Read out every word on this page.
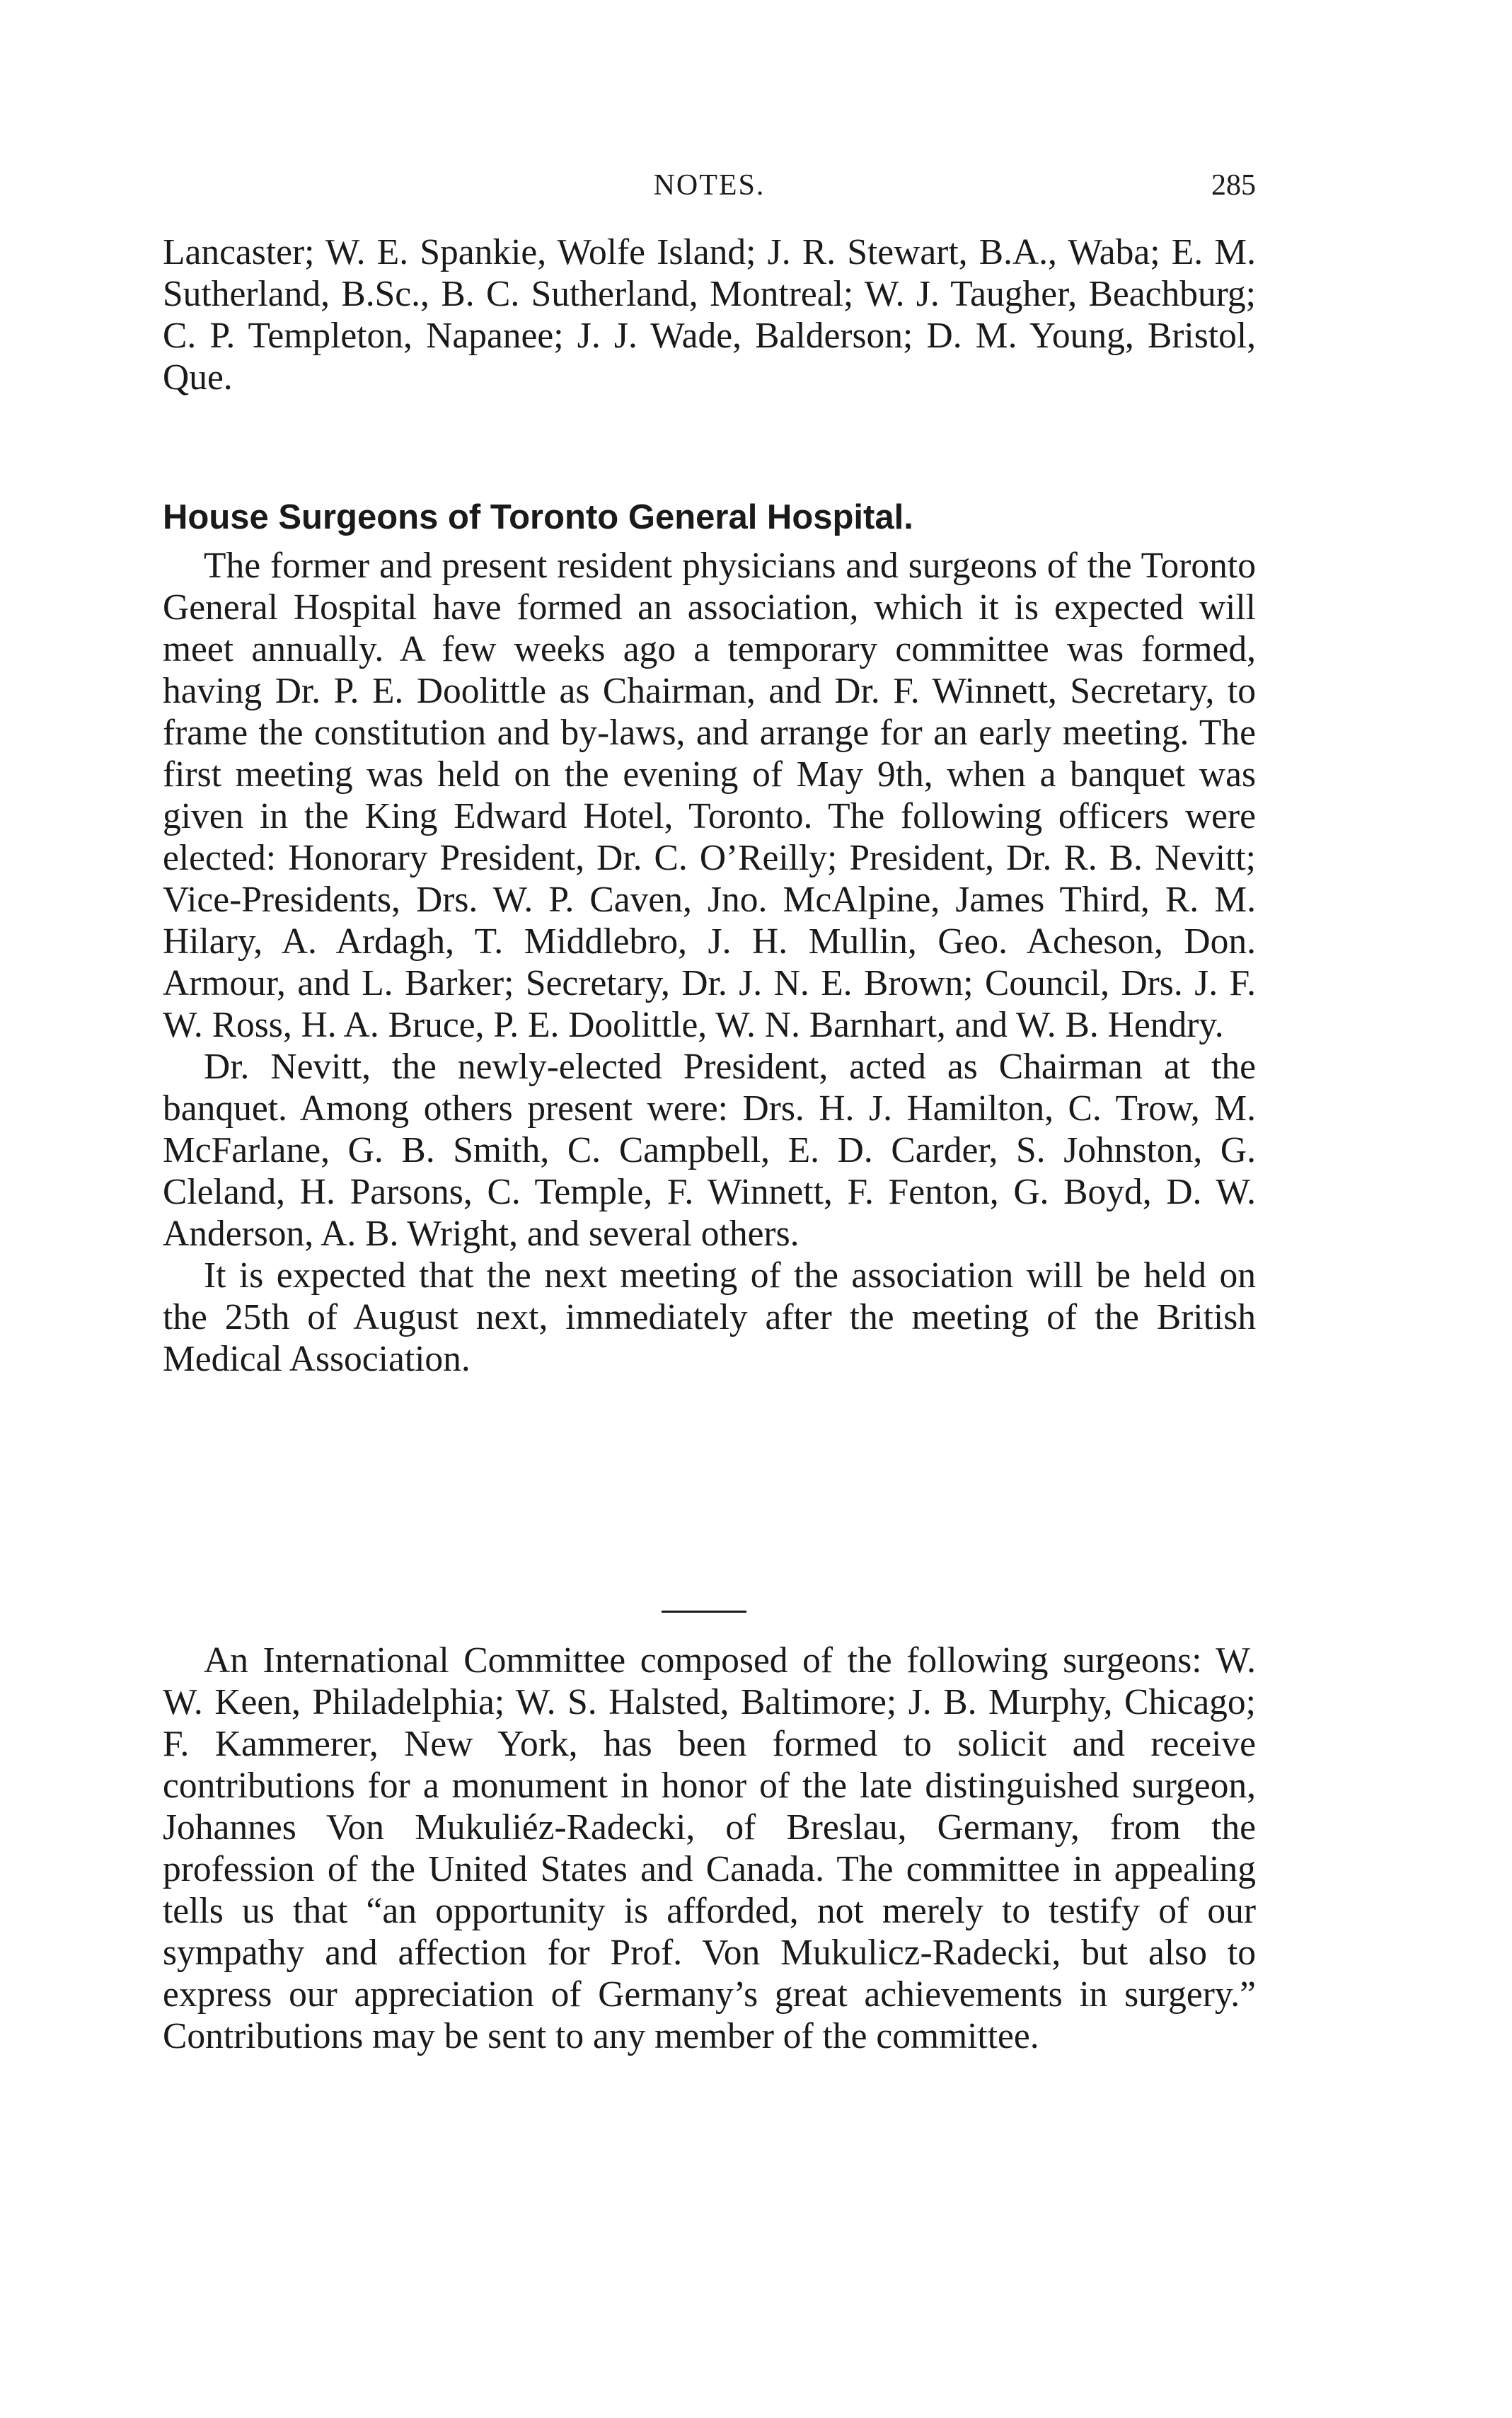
NOTES.	285

Lancaster; W. E. Spankie, Wolfe Island; J. R. Stewart, B.A., Waba; E. M. Sutherland, B.Sc., B. C. Sutherland, Montreal; W. J. Taugher, Beachburg; C. P. Templeton, Napanee; J. J. Wade, Balderson; D. M. Young, Bristol, Que.

House Surgeons of Toronto General Hospital.

The former and present resident physicians and surgeons of the Toronto General Hospital have formed an association, which it is expected will meet annually. A few weeks ago a temporary committee was formed, having Dr. P. E. Doolittle as Chairman, and Dr. F. Winnett, Secretary, to frame the constitution and by-laws, and arrange for an early meeting. The first meeting was held on the evening of May 9th, when a banquet was given in the King Edward Hotel, Toronto. The following officers were elected: Honorary President, Dr. C. O’Reilly; President, Dr. R. B. Nevitt; Vice-Presidents, Drs. W. P. Caven, Jno. McAlpine, James Third, R. M. Hilary, A. Ardagh, T. Middlebro, J. H. Mullin, Geo. Acheson, Don. Armour, and L. Barker; Secretary, Dr. J. N. E. Brown; Council, Drs. J. F. W. Ross, H. A. Bruce, P. E. Doolittle, W. N. Barnhart, and W. B. Hendry.

Dr. Nevitt, the newly-elected President, acted as Chairman at the banquet. Among others present were: Drs. H. J. Hamilton, C. Trow, M. McFarlane, G. B. Smith, C. Campbell, E. D. Carder, S. Johnston, G. Cleland, H. Parsons, C. Temple, F. Winnett, F. Fenton, G. Boyd, D. W. Anderson, A. B. Wright, and several others.

It is expected that the next meeting of the association will be held on the 25th of August next, immediately after the meeting of the British Medical Association.

An International Committee composed of the following surgeons: W. W. Keen, Philadelphia; W. S. Halsted, Baltimore; J. B. Murphy, Chicago; F. Kammerer, New York, has been formed to solicit and receive contributions for a monument in honor of the late distinguished surgeon, Johannes Von Mukuliéz-Radecki, of Breslau, Germany, from the profession of the United States and Canada. The committee in appealing tells us that “an opportunity is afforded, not merely to testify of our sympathy and affection for Prof. Von Mukulicz-Radecki, but also to express our appreciation of Germany’s great achievements in surgery.” Contributions may be sent to any member of the committee.
